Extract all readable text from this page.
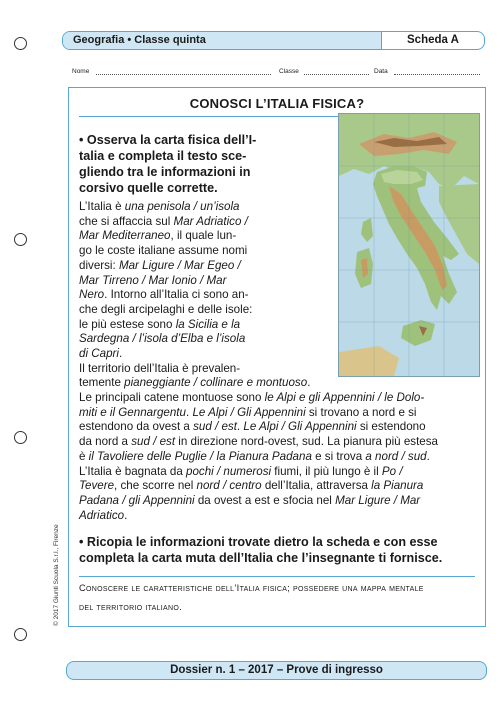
Geografia • Classe quinta	Scheda A
Nome	Classe	Data
CONOSCI L’ITALIA FISICA?
• Osserva la carta fisica dell’I-
talia e completa il testo sce-
gliendo tra le informazioni in
corsivo quelle corrette.
L’Italia è una penisola / un’isola
che si affaccia sul Mar Adriatico /
Mar Mediterraneo, il quale lun-
go le coste italiane assume nomi
diversi: Mar Ligure / Mar Egeo /
Mar Tirreno / Mar Ionio / Mar
Nero. Intorno all’Italia ci sono an-
che degli arcipelaghi e delle isole:
le più estese sono la Sicilia e la
Sardegna / l’isola d’Elba e l’isola
di Capri.
Il territorio dell’Italia è prevalen-
temente pianeggiante / collinare e montuoso.
Le principali catene montuose sono le Alpi e gli Appennini / le Dolo-
miti e il Gennargentu. Le Alpi / Gli Appennini si trovano a nord e si
estendono da ovest a sud / est. Le Alpi / Gli Appennini si estendono
da nord a sud / est in direzione nord-ovest, sud. La pianura più estesa
è il Tavoliere delle Puglie / la Pianura Padana e si trova a nord / sud.
L’Italia è bagnata da pochi / numerosi fiumi, il più lungo è il Po /
Tevere, che scorre nel nord / centro dell’Italia, attraversa la Pianura
Padana / gli Appennini da ovest a est e sfocia nel Mar Ligure / Mar
Adriatico.
• Ricopia le informazioni trovate dietro la scheda e con esse
completa la carta muta dell’Italia che l’insegnante ti fornisce.
Conoscere le caratteristiche dell’Italia fisica; possedere una mappa mentale
del territorio italiano.
© 2017 Giunti Scuola S.r.l., Firenze
Dossier n. 1 – 2017 – Prove di ingresso
